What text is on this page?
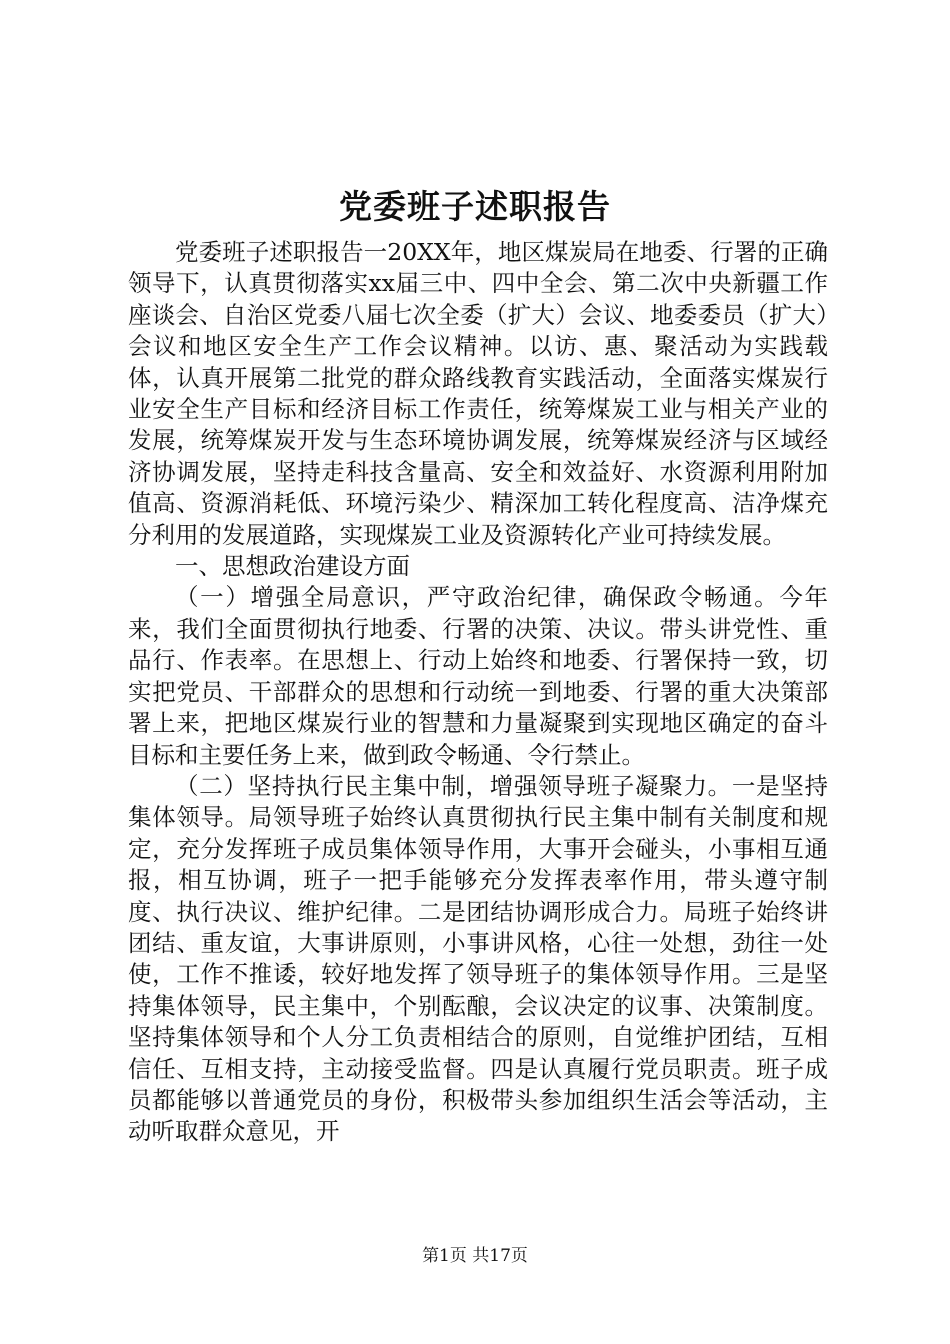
党委班子述职报告

党委班子述职报告一20XX年，地区煤炭局在地委、行署的正确领导下，认真贯彻落实xx届三中、四中全会、第二次中央新疆工作座谈会、自治区党委八届七次全委（扩大）会议、地委委员（扩大）会议和地区安全生产工作会议精神。以访、惠、聚活动为实践载体，认真开展第二批党的群众路线教育实践活动，全面落实煤炭行业安全生产目标和经济目标工作责任，统筹煤炭工业与相关产业的发展，统筹煤炭开发与生态环境协调发展，统筹煤炭经济与区域经济协调发展，坚持走科技含量高、安全和效益好、水资源利用附加值高、资源消耗低、环境污染少、精深加工转化程度高、洁净煤充分利用的发展道路，实现煤炭工业及资源转化产业可持续发展。

一、思想政治建设方面

（一）增强全局意识，严守政治纪律，确保政令畅通。今年来，我们全面贯彻执行地委、行署的决策、决议。带头讲党性、重品行、作表率。在思想上、行动上始终和地委、行署保持一致，切实把党员、干部群众的思想和行动统一到地委、行署的重大决策部署上来，把地区煤炭行业的智慧和力量凝聚到实现地区确定的奋斗目标和主要任务上来，做到政令畅通、令行禁止。

（二）坚持执行民主集中制，增强领导班子凝聚力。一是坚持集体领导。局领导班子始终认真贯彻执行民主集中制有关制度和规定，充分发挥班子成员集体领导作用，大事开会碰头，小事相互通报，相互协调，班子一把手能够充分发挥表率作用，带头遵守制度、执行决议、维护纪律。二是团结协调形成合力。局班子始终讲团结、重友谊，大事讲原则，小事讲风格，心往一处想，劲往一处使，工作不推诿，较好地发挥了领导班子的集体领导作用。三是坚持集体领导，民主集中，个别酝酿，会议决定的议事、决策制度。坚持集体领导和个人分工负责相结合的原则，自觉维护团结，互相信任、互相支持，主动接受监督。四是认真履行党员职责。班子成员都能够以普通党员的身份，积极带头参加组织生活会等活动，主动听取群众意见，开

第1页 共17页
